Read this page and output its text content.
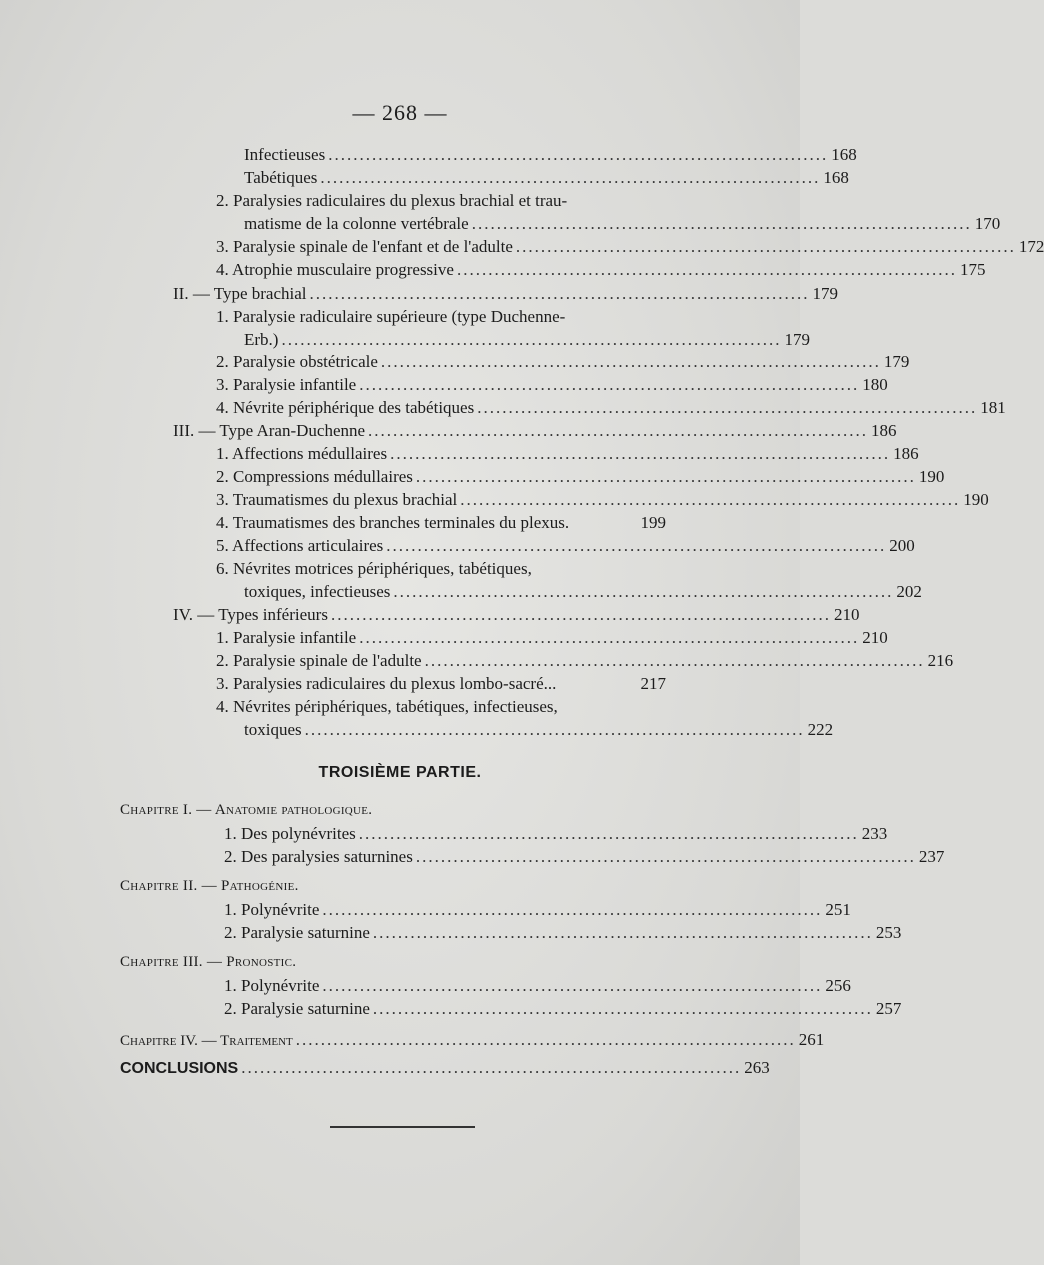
— 268 —
Infectieuses ................................................................................ 168
Tabétiques ................................................................................ 168
2. Paralysies radiculaires du plexus brachial et trau-
matisme de la colonne vertébrale ................................................................................ 170
3. Paralysie spinale de l'enfant et de l'adulte ................................................................................ 172
4. Atrophie musculaire progressive ................................................................................ 175
II. — Type brachial ................................................................................ 179
1. Paralysie radiculaire supérieure (type Duchenne-
Erb.) ................................................................................ 179
2. Paralysie obstétricale ................................................................................ 179
3. Paralysie infantile ................................................................................ 180
4. Névrite périphérique des tabétiques ................................................................................ 181
III. — Type Aran-Duchenne ................................................................................ 186
1. Affections médullaires ................................................................................ 186
2. Compressions médullaires ................................................................................ 190
3. Traumatismes du plexus brachial ................................................................................ 190
4. Traumatismes des branches terminales du plexus.	199
5. Affections articulaires ................................................................................ 200
6. Névrites motrices périphériques, tabétiques,
toxiques, infectieuses ................................................................................ 202
IV. — Types inférieurs ................................................................................ 210
1. Paralysie infantile ................................................................................ 210
2. Paralysie spinale de l'adulte ................................................................................ 216
3. Paralysies radiculaires du plexus lombo-sacré...	217
4. Névrites périphériques, tabétiques, infectieuses,
toxiques ................................................................................ 222
TROISIÈME PARTIE.
Chapitre I. — Anatomie pathologique.
1. Des polynévrites ................................................................................ 233
2. Des paralysies saturnines ................................................................................ 237
Chapitre II. — Pathogénie.
1. Polynévrite ................................................................................ 251
2. Paralysie saturnine ................................................................................ 253
Chapitre III. — Pronostic.
1. Polynévrite ................................................................................ 256
2. Paralysie saturnine ................................................................................ 257
Chapitre IV. — Traitement ................................................................................ 261
CONCLUSIONS ................................................................................ 263
